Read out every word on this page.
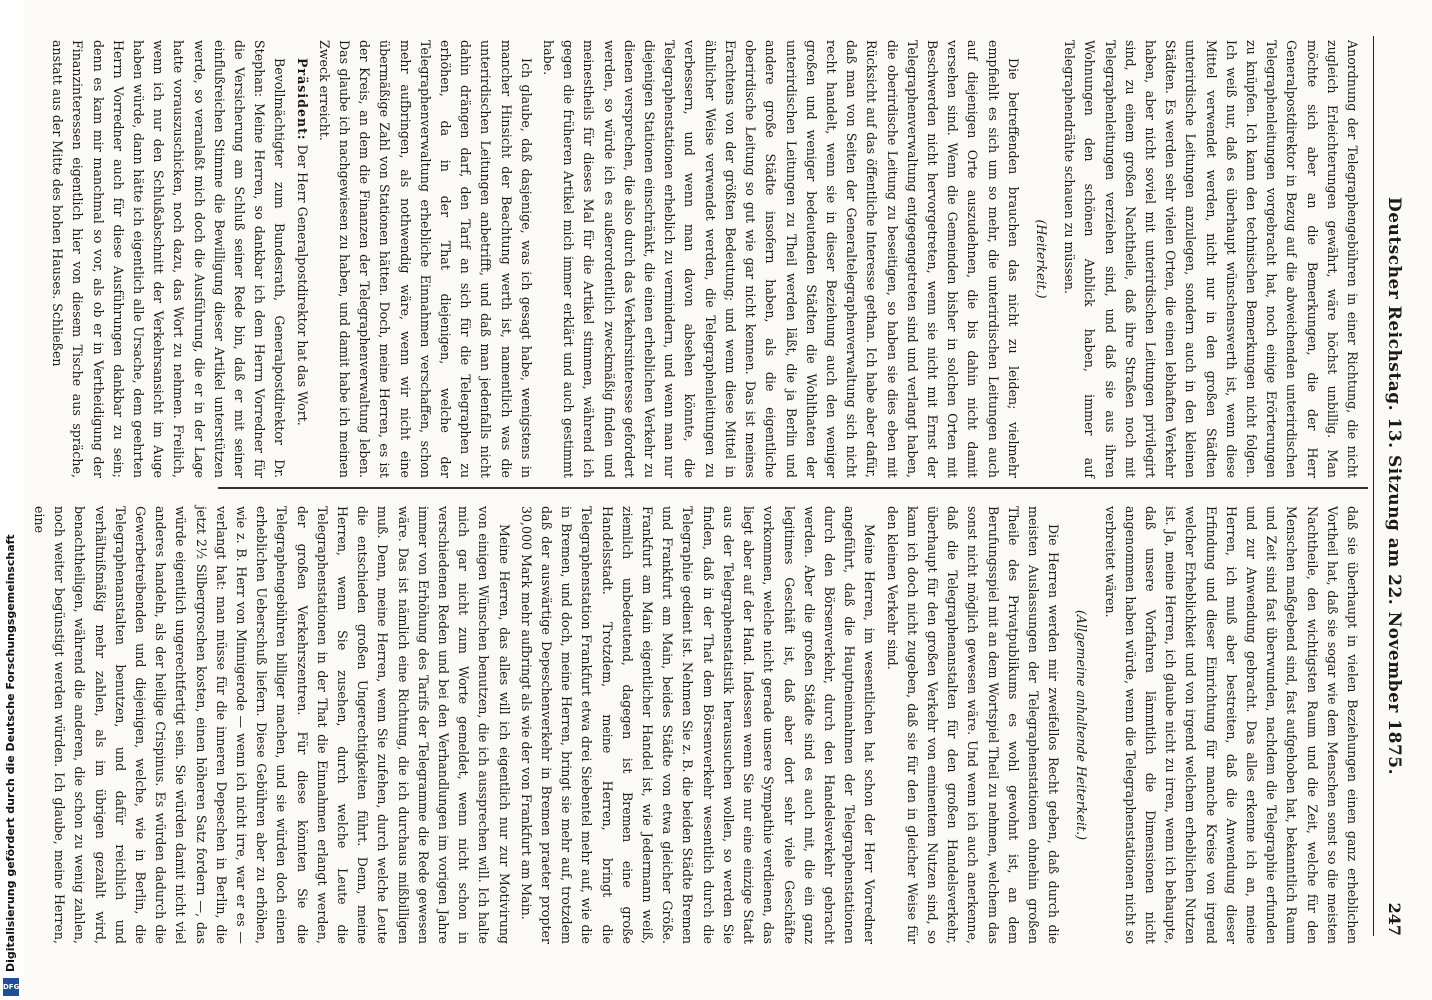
Deutscher Reichstag. 13. Sitzung am 22. November 1875.
247

Anordnung der Telegraphengebühren in einer Richtung, die nicht zugleich Erleichterungen gewährt, wäre höchst unbillig. Man möchte sich aber an die Bemerkungen, die der Herr Generalpostdirektor in Bezug auf die abweichenden unterirdischen Telegraphenleitungen vorgebracht hat, noch einige Erörterungen zu knüpfen. Ich kann den technischen Bemerkungen nicht folgen. Ich weiß nur, daß es überhaupt wünschenswerth ist, wenn diese Mittel verwendet werden, nicht nur in den großen Städten unterirdische Leitungen anzulegen, sondern auch in den kleinen Städten. Es werden sehr vielen Orten, die einen lebhaften Verkehr haben, aber nicht soviel mit unterirdischen Leitungen privilegirt sind, zu einem großen Nachtheile, daß ihre Straßen noch mit Telegraphenleitungen verziehen sind, und daß sie aus ihren Wohnungen den schönen Anblick haben, immer auf Telegraphendrähte schauen zu müssen.

(Heiterkeit.)

Die betreffenden brauchen das nicht zu leiden; vielmehr empfiehlt es sich um so mehr, die unterirdischen Leitungen auch auf diejenigen Orte auszudehnen, die bis dahin nicht damit versehen sind. Wenn die Gemeinden bisher in solchen Orten mit Beschwerden nicht hervorgetreten, wenn sie nicht mit Ernst der Telegraphenverwaltung entgegengetreten sind und verlangt haben, die oberirdische Leitung zu beseitigen, so haben sie dies eben mit Rücksicht auf das öffentliche Interesse gethan. Ich habe aber dafür, daß man von Seiten der Generaltelegraphenverwaltung sich nicht recht handelt, wenn sie in dieser Beziehung auch den weniger großen und weniger bedeutenden Städten die Wohlthaten der unterirdischen Leitungen zu Theil werden läßt, die ja Berlin und andere große Städte insofern haben, als die eigentliche oberirdische Leitung so gut wie gar nicht kennen. Das ist meines Erachtens von der größten Bedeutung; und wenn diese Mittel in ähnlicher Weise verwendet werden, die Telegraphenleitungen zu verbessern, und wenn man davon absehen könnte, die Telegraphenstationen erheblich zu vermindern, und wenn man nur diejenigen Stationen einschränkt, die einen erheblichen Verkehr zu dienen versprechen, die also durch das Verkehrsinteresse gefordert werden, so würde ich es außerordentlich zweckmäßig finden und meinestheils für dieses Mal für die Artikel stimmen, während ich gegen die früheren Artikel mich immer erklärt und auch gestimmt habe.

Ich glaube, daß dasjenige, was ich gesagt habe, wenigstens in mancher Hinsicht der Beachtung werth ist, namentlich was die unterirdischen Leitungen anbetrifft, und daß man jedenfalls nicht dahin drängen darf, den Tarif an sich für die Telegraphen zu erhöhen, da in der That diejenigen, welche der Telegraphenverwaltung erhebliche Einnahmen verschaffen, schon mehr aufbringen, als nothwendig wäre, wenn wir nicht eine übermäßige Zahl von Stationen hätten. Doch, meine Herren, es ist der Kreis, an dem die Finanzen der Telegraphenverwaltung leben. Das glaube ich nachgewiesen zu haben, und damit habe ich meinen Zweck erreicht.

Präsident: Der Herr Generalpostdirektor hat das Wort.

Bevollmächtigter zum Bundesrath, Generalpostdirektor Dr. Stephan: Meine Herren, so dankbar ich dem Herrn Vorredner für die Versicherung am Schluß seiner Rede bin, daß er mit seiner einflußreichen Stimme die Bewilligung dieser Artikel unterstützen werde, so veranlaßt mich doch die Ausführung, die er in der Lage hatte vorauszuschicken, noch dazu, das Wort zu nehmen. Freilich, wenn ich nur den Schlußabschnitt der Verkehrsansicht im Auge haben würde, dann hätte ich eigentlich alle Ursache, dem geehrten Herrn Vorredner auch für diese Ausführungen dankbar zu sein; denn es kam mir manchmal so vor, als ob er in Vertheidigung der Finanzinteressen eigentlich hier von diesem Tische aus spräche, anstatt aus der Mitte des hohen Hauses. Schließen

daß sie überhaupt in vielen Beziehungen einen ganz erheblichen Vortheil hat, daß sie sogar wie dem Menschen sonst so die meisten Nachtheile, den wichtigsten Raum und die Zeit, welche für den Menschen maßgebend sind, fast aufgehoben hat, bekanntlich Raum und Zeit sind fast überwunden, nachdem die Telegraphie erfunden und zur Anwendung gebracht. Das alles erkenne ich an, meine Herren, ich muß aber bestreiten, daß die Anwendung dieser Erfindung und dieser Einrichtung für manche Kreise von irgend welcher Erheblichkeit und von irgend welchem erheblichen Nutzen ist. Ja, meine Herren, ich glaube nicht zu irren, wenn ich behaupte, daß unsere Vorfahren lämmtlich die Dimensionen nicht angenommen haben würde, wenn die Telegraphenstationen nicht so verbreitet wären.

(Allgemeine anhaltende Heiterkeit.)

Die Herren werden mir zweifellos Recht geben, daß durch die meisten Auslassungen der Telegraphenstationen ohnehin großen Theile des Privatpublikums es wohl gewohnt ist, an dem Berufungsspiel mit an dem Wortspiel Theil zu nehmen, welchem das sonst nicht möglich gewesen wäre. Und wenn ich auch anerkenne, daß die Telegraphenanstalten für den großen Handelsverkehr, überhaupt für den großen Verkehr von eminentem Nutzen sind, so kann ich doch nicht zugeben, daß sie für den in gleicher Weise für den kleinen Verkehr sind.

Meine Herren, im wesentlichen hat schon der Herr Vorredner angeführt, daß die Hauptneinnahmen der Telegraphenstationen durch den Börsenverkehr, durch den Handelsverkehr gebracht werden. Aber die großen Städte sind es auch mit, die ein ganz legitimes Geschäft ist, daß aber dort sehr viele Geschäfte vorkommen, welche nicht gerade unsere Sympathie verdienen, das liegt aber auf der Hand. Indessen wenn Sie nur eine einzige Stadt aus der Telegraphenstatistik heraussuchen wollen, so werden Sie finden, daß in der That dem Börsenverkehr wesentlich durch die Telegraphie gedient ist. Nehmen Sie z. B. die beiden Städte Bremen und Frankfurt am Main, beides Städte von etwa gleicher Größe. Frankfurt am Main eigentlicher Handel ist, wie Jedermann weiß, ziemlich unbedeutend, dagegen ist Bremen eine große Handelsstadt. Trotzdem, meine Herren, bringt die Telegraphenstation Frankfurt etwa drei Siebentel mehr auf, wie die in Bremen, und doch, meine Herren, bringt sie mehr auf, trotzdem daß der auswärtige Depeschenverkehr in Bremen praeter propter 30,000 Mark mehr aufbringt als wie der von Frankfurt am Main.

Meine Herren, das alles will ich eigentlich nur zur Motivirung von einigen Wünschen benutzen, die ich aussprechen will. Ich halte mich gar nicht zum Worte gemeldet, wenn nicht schon in verschiedenen Reden und bei den Verhandlungen im vorigen Jahre immer von Erhöhung des Tarifs der Telegramme die Rede gewesen wäre. Das ist nämlich eine Richtung, die ich durchaus mißbilligen muß. Denn, meine Herren, wenn Sie zufehen, durch welche Leute die entschieden großen Ungerechtigkeiten führt. Denn, meine Herren, wenn Sie zusehen, durch welche Leute die Telegraphenstationen in der That die Einnahmen erlangt werden, der großen Verkehrszentren. Für diese könnten Sie die Telegraphengebühren billiger machen, und sie würden doch einen erheblichen Ueberschuß liefern. Diese Gebühren aber zu erhöhen, wie z. B. Herr von Minnigerode — wenn ich nicht irre, war er es — verlangt hat: man müsse für die inneren Depeschen in Berlin, die jetzt 2½ Silbergroschen kosten, einen höheren Satz fordern —, das würde eigentlich ungerechtfertigt sein. Sie würden damit nicht viel anderes handeln, als der heilige Crispinus. Es würden dadurch die Gewerbetreibenden und diejenigen, welche, wie in Berlin, die Telegraphenanstalten benutzen, und dafür reichlich und verhältnißmäßig mehr zahlen, als im übrigen gezahlt wird, benachtheiligen, während die anderen, die schon zu wenig zahlen, noch weiter begünstigt werden würden. Ich glaube, meine Herren, eine

Digitalisierung gefördert durch die Deutsche Forschungsgemeinschaft
DFG
